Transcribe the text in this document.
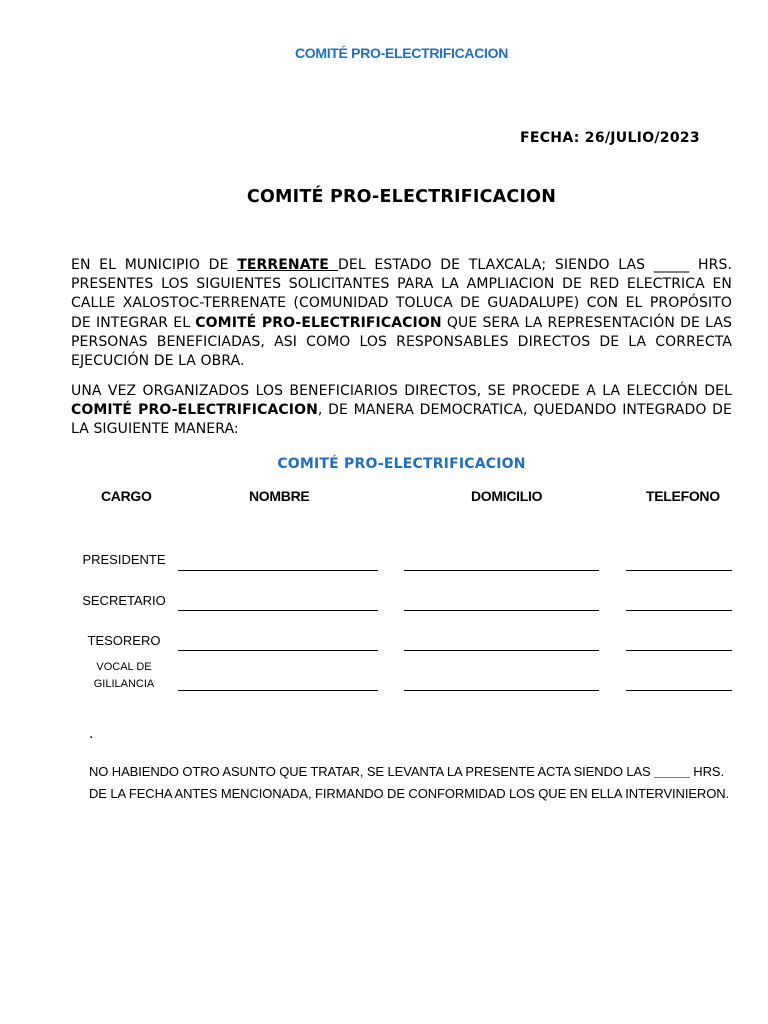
COMITÉ PRO-ELECTRIFICACION
FECHA: 26/JULIO/2023
COMITÉ PRO-ELECTRIFICACION
EN EL MUNICIPIO DE TERRENATE DEL ESTADO DE TLAXCALA; SIENDO LAS _____ HRS. PRESENTES LOS SIGUIENTES SOLICITANTES PARA LA AMPLIACION DE RED ELECTRICA EN CALLE XALOSTOC-TERRENATE (COMUNIDAD TOLUCA DE GUADALUPE) CON EL PROPÓSITO DE INTEGRAR EL COMITÉ PRO-ELECTRIFICACION QUE SERA LA REPRESENTACIÓN DE LAS PERSONAS BENEFICIADAS, ASI COMO LOS RESPONSABLES DIRECTOS DE LA CORRECTA EJECUCIÓN DE LA OBRA.
UNA VEZ ORGANIZADOS LOS BENEFICIARIOS DIRECTOS, SE PROCEDE A LA ELECCIÓN DEL COMITÉ PRO-ELECTRIFICACION, DE MANERA DEMOCRATICA, QUEDANDO INTEGRADO DE LA SIGUIENTE MANERA:
COMITÉ PRO-ELECTRIFICACION
CARGO	NOMBRE	DOMICILIO	TELEFONO
PRESIDENTE
SECRETARIO
TESORERO
VOCAL DE GILILANCIA
.
NO HABIENDO OTRO ASUNTO QUE TRATAR, SE LEVANTA LA PRESENTE ACTA SIENDO LAS _____ HRS. DE LA FECHA ANTES MENCIONADA, FIRMANDO DE CONFORMIDAD LOS QUE EN ELLA INTERVINIERON.
